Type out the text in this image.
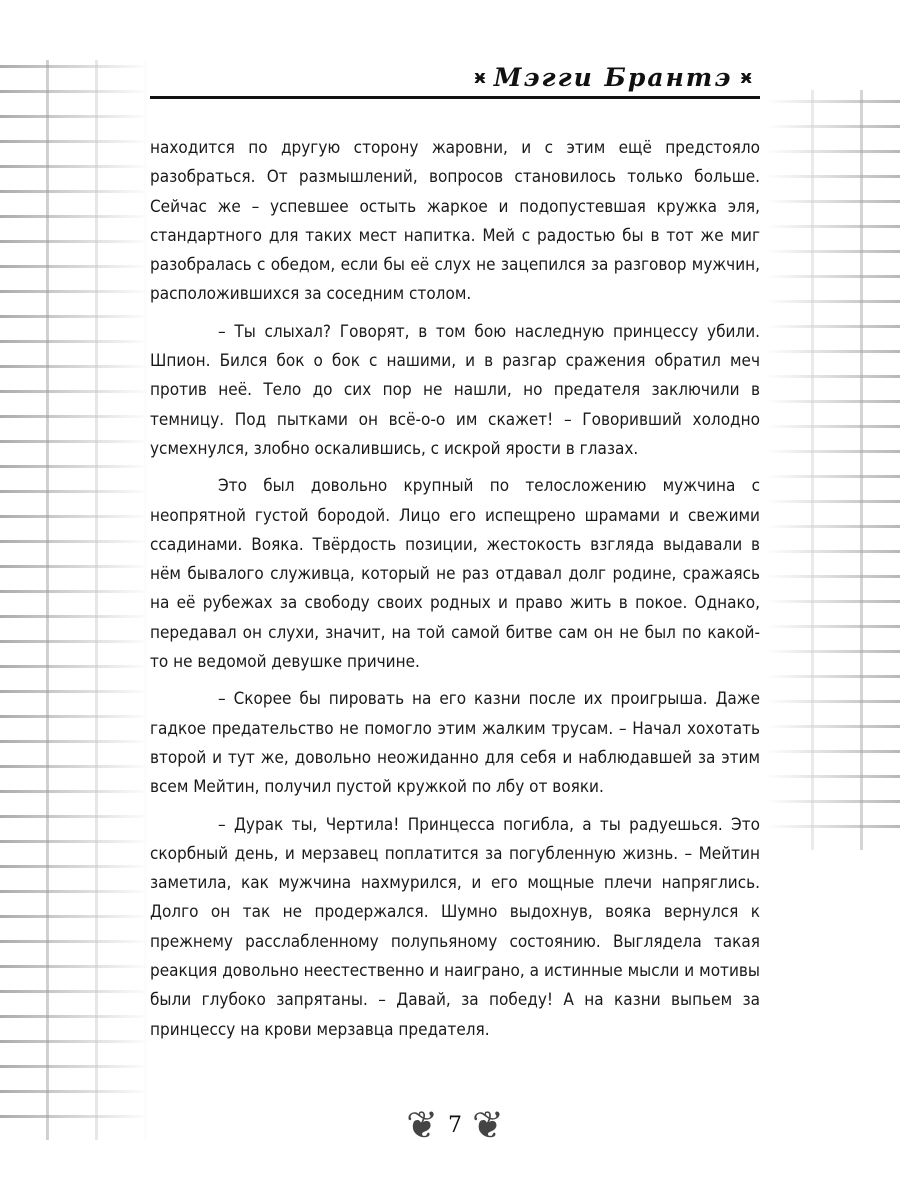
ӿ Мэгги Брантэ ӿ

находится по другую сторону жаровни, и с этим ещё предстояло разобраться. От размышлений, вопросов становилось только больше. Сейчас же – успевшее остыть жаркое и подопустевшая кружка эля, стандартного для таких мест напитка. Мей с радостью бы в тот же миг разобралась с обедом, если бы её слух не зацепился за разговор мужчин, расположившихся за соседним столом.

– Ты слыхал? Говорят, в том бою наследную принцессу убили. Шпион. Бился бок о бок с нашими, и в разгар сражения обратил меч против неё. Тело до сих пор не нашли, но предателя заключили в темницу. Под пытками он всё-о-о им скажет! – Говоривший холодно усмехнулся, злобно оскалившись, с искрой ярости в глазах.

Это был довольно крупный по телосложению мужчина с неопрятной густой бородой. Лицо его испещрено шрамами и свежими ссадинами. Вояка. Твёрдость позиции, жестокость взгляда выдавали в нём бывалого служивца, который не раз отдавал долг родине, сражаясь на её рубежах за свободу своих родных и право жить в покое. Однако, передавал он слухи, значит, на той самой битве сам он не был по какой-то не ведомой девушке причине.

– Скорее бы пировать на его казни после их проигрыша. Даже гадкое предательство не помогло этим жалким трусам. – Начал хохотать второй и тут же, довольно неожиданно для себя и наблюдавшей за этим всем Мейтин, получил пустой кружкой по лбу от вояки.

– Дурак ты, Чертила! Принцесса погибла, а ты радуешься. Это скорбный день, и мерзавец поплатится за погубленную жизнь. – Мейтин заметила, как мужчина нахмурился, и его мощные плечи напряглись. Долго он так не продержался. Шумно выдохнув, вояка вернулся к прежнему расслабленному полупьяному состоянию. Выглядела такая реакция довольно неестественно и наиграно, а истинные мысли и мотивы были глубоко запрятаны. – Давай, за победу! А на казни выпьем за принцессу на крови мерзавца предателя.

❦ 7 ❦
